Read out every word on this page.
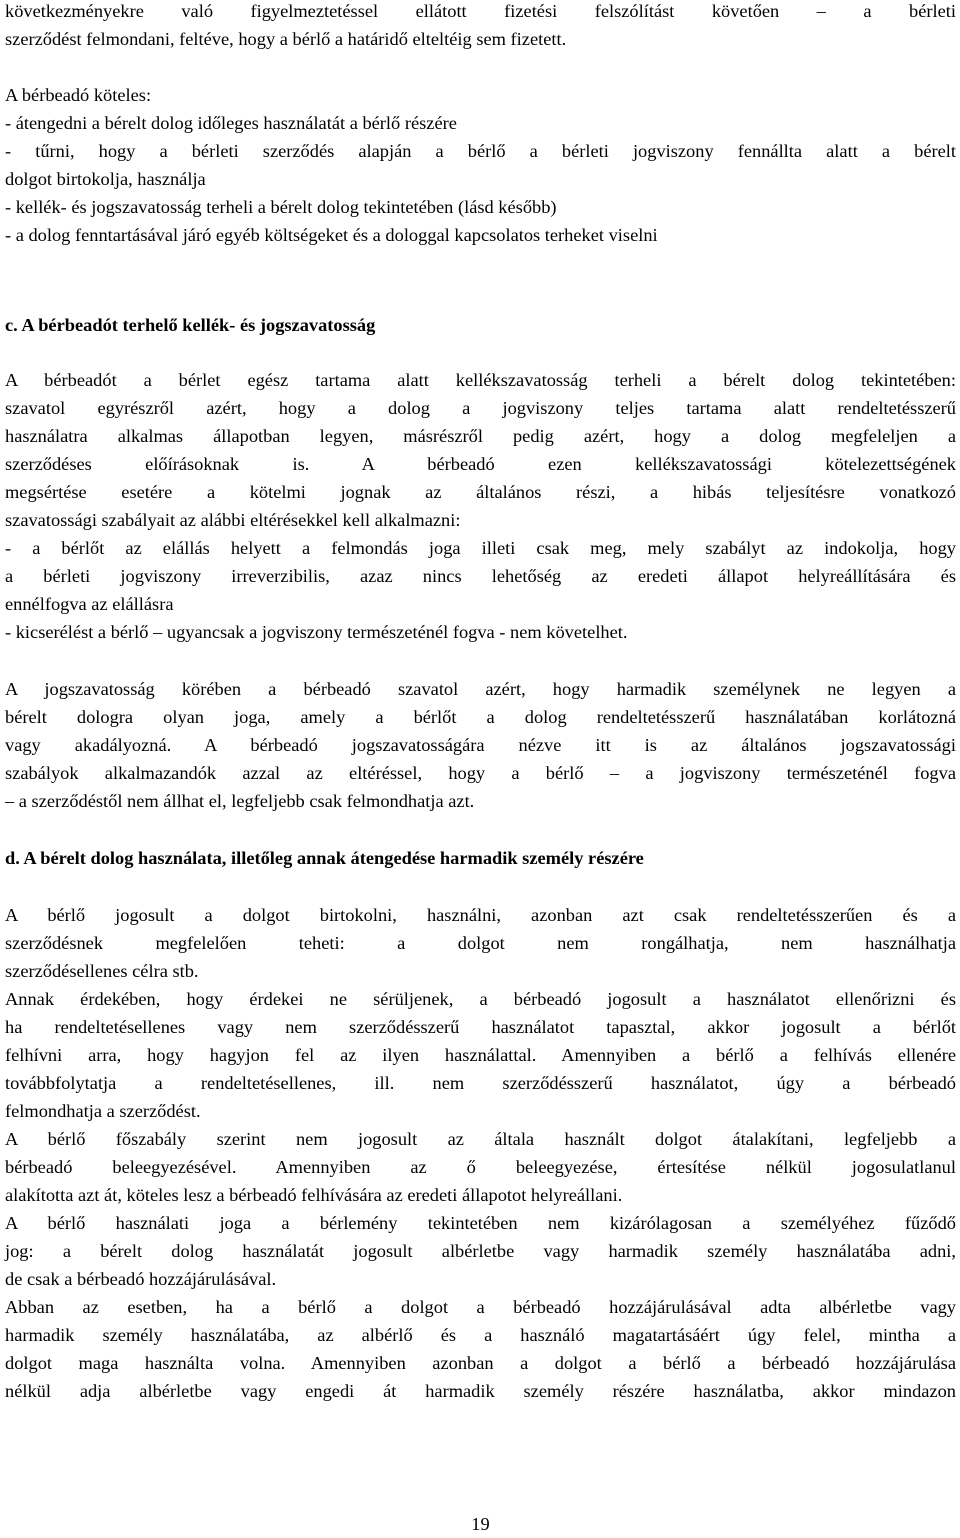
következményekre való figyelmeztetéssel ellátott fizetési felszólítást követően – a bérleti
szerződést felmondani, feltéve, hogy a bérlő a határidő elteltéig sem fizetett.
A bérbeadó köteles:
- átengedni a bérelt dolog időleges használatát a bérlő részére
- tűrni, hogy a bérleti szerződés alapján a bérlő a bérleti jogviszony fennállta alatt a bérelt
dolgot birtokolja, használja
- kellék- és jogszavatosság terheli a bérelt dolog tekintetében (lásd később)
- a dolog fenntartásával járó egyéb költségeket és a dologgal kapcsolatos terheket viselni
c. A bérbeadót terhelő kellék- és jogszavatosság
A bérbeadót a bérlet egész tartama alatt kellékszavatosság terheli a bérelt dolog tekintetében:
szavatol egyrészről azért, hogy a dolog a jogviszony teljes tartama alatt rendeltetésszerű
használatra alkalmas állapotban legyen, másrészről pedig azért, hogy a dolog megfeleljen a
szerződéses előírásoknak is. A bérbeadó ezen kellékszavatossági kötelezettségének
megsértése esetére a kötelmi jognak az általános részi, a hibás teljesítésre vonatkozó
szavatossági szabályait az alábbi eltérésekkel kell alkalmazni:
- a bérlőt az elállás helyett a felmondás joga illeti csak meg, mely szabályt az indokolja, hogy
a bérleti jogviszony irreverzibilis, azaz nincs lehetőség az eredeti állapot helyreállítására és
ennélfogva az elállásra
- kicserélést a bérlő – ugyancsak a jogviszony természeténél fogva - nem követelhet.
A jogszavatosság körében a bérbeadó szavatol azért, hogy harmadik személynek ne legyen a
bérelt dologra olyan joga, amely a bérlőt a dolog rendeltetésszerű használatában korlátozná
vagy akadályozná. A bérbeadó jogszavatosságára nézve itt is az általános jogszavatossági
szabályok alkalmazandók azzal az eltéréssel, hogy a bérlő – a jogviszony természeténél fogva
– a szerződéstől nem állhat el, legfeljebb csak felmondhatja azt.
d. A bérelt dolog használata, illetőleg annak átengedése harmadik személy részére
A bérlő jogosult a dolgot birtokolni, használni, azonban azt csak rendeltetésszerűen és a
szerződésnek megfelelően teheti: a dolgot nem rongálhatja, nem használhatja
szerződésellenes célra stb.
Annak érdekében, hogy érdekei ne sérüljenek, a bérbeadó jogosult a használatot ellenőrizni és
ha rendeltetésellenes vagy nem szerződésszerű használatot tapasztal, akkor jogosult a bérlőt
felhívni arra, hogy hagyjon fel az ilyen használattal. Amennyiben a bérlő a felhívás ellenére
továbbfolytatja a rendeltetésellenes, ill. nem szerződésszerű használatot, úgy a bérbeadó
felmondhatja a szerződést.
A bérlő főszabály szerint nem jogosult az általa használt dolgot átalakítani, legfeljebb a
bérbeadó beleegyezésével. Amennyiben az ő beleegyezése, értesítése nélkül jogosulatlanul
alakította azt át, köteles lesz a bérbeadó felhívására az eredeti állapotot helyreállani.
A bérlő használati joga a bérlemény tekintetében nem kizárólagosan a személyéhez fűződő
jog: a bérelt dolog használatát jogosult albérletbe vagy harmadik személy használatába adni,
de csak a bérbeadó hozzájárulásával.
Abban az esetben, ha a bérlő a dolgot a bérbeadó hozzájárulásával adta albérletbe vagy
harmadik személy használatába, az albérlő és a használó magatartásáért úgy felel, mintha a
dolgot maga használta volna. Amennyiben azonban a dolgot a bérlő a bérbeadó hozzájárulása
nélkül adja albérletbe vagy engedi át harmadik személy részére használatba, akkor mindazon
19
